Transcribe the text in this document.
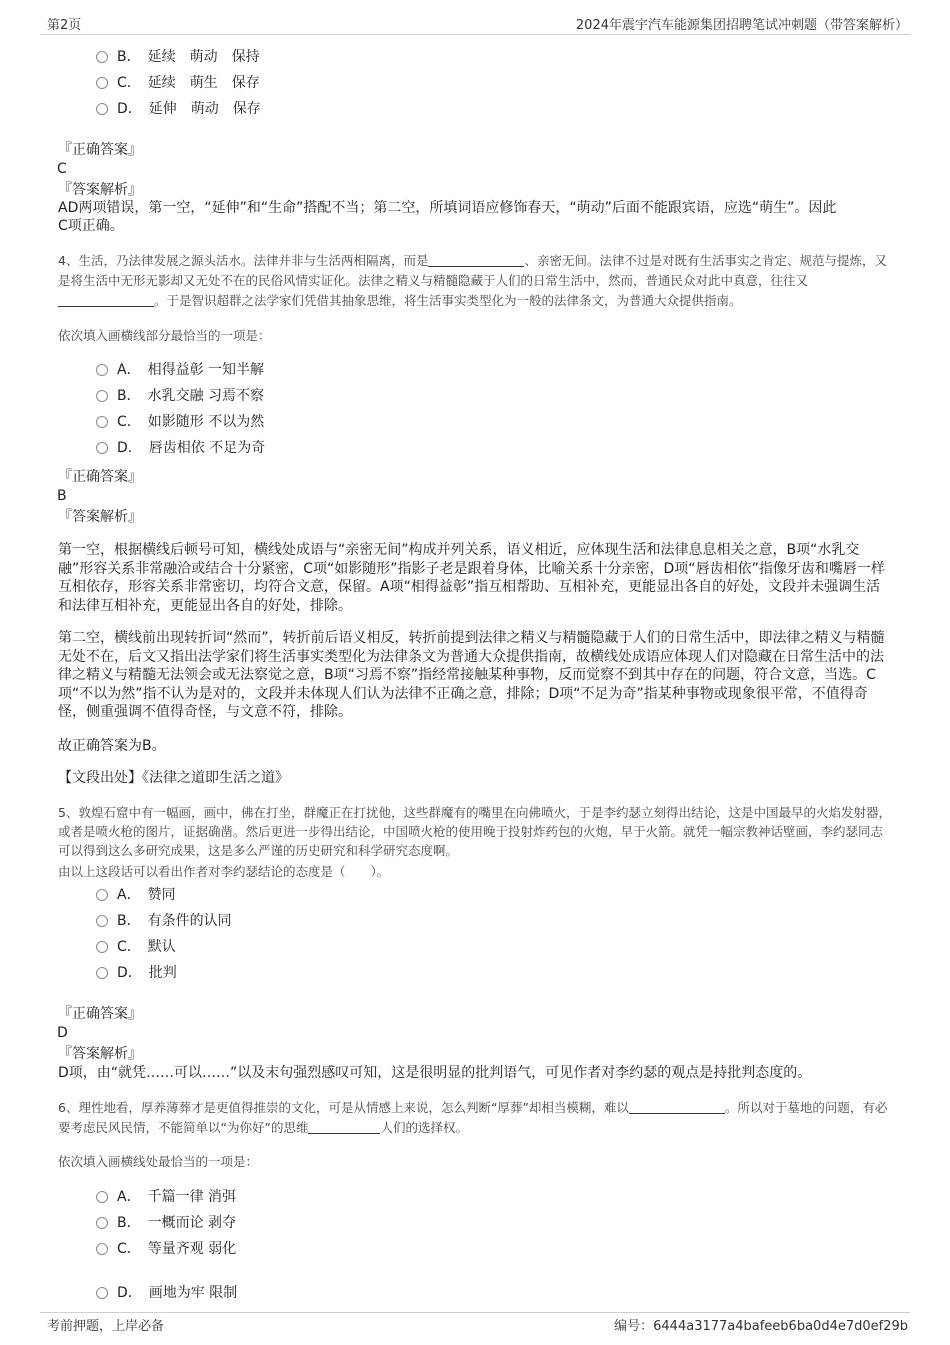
第2页	2024年震宇汽车能源集团招聘笔试冲刺题（带答案解析）
B．　延续　萌动　保持
C．　延续　萌生　保存
D．　延伸　萌动　保存
『正确答案』
C
『答案解析』
AD两项错误，第一空，“延伸”和“生命”搭配不当；第二空，所填词语应修饰春天，“萌动”后面不能跟宾语，应选“萌生”。因此
C项正确。
4、生活，乃法律发展之源头活水。法律并非与生活两相隔离，而是	、亲密无间。法律不过是对既有生活事实之肯定、规范与提炼，又是将生活中无形无影却又无处不在的民俗风情实证化。法律之精义与精髓隐藏于人们的日常生活中，然而，普通民众对此中真意，往往又。于是智识超群之法学家们凭借其抽象思维，将生活事实类型化为一般的法律条文，为普通大众提供指南。
依次填入画横线部分最恰当的一项是：
A．　相得益彰 一知半解
B．　水乳交融 习焉不察
C．　如影随形 不以为然
D．　唇齿相依 不足为奇
『正确答案』
B
『答案解析』
第一空，根据横线后顿号可知，横线处成语与“亲密无间”构成并列关系，语义相近，应体现生活和法律息息相关之意，B项“水乳交融”形容关系非常融洽或结合十分紧密，C项“如影随形”指影子老是跟着身体，比喻关系十分亲密，D项“唇齿相依”指像牙齿和嘴唇一样互相依存，形容关系非常密切，均符合文意，保留。A项“相得益彰”指互相帮助、互相补充，更能显出各自的好处，文段并未强调生活和法律互相补充，更能显出各自的好处，排除。
第二空，横线前出现转折词“然而”，转折前后语义相反，转折前提到法律之精义与精髓隐藏于人们的日常生活中，即法律之精义与精髓无处不在，后文又指出法学家们将生活事实类型化为法律条文为普通大众提供指南，故横线处成语应体现人们对隐藏在日常生活中的法律之精义与精髓无法领会或无法察觉之意，B项“习焉不察”指经常接触某种事物，反而觉察不到其中存在的问题，符合文意，当选。C项“不以为然”指不认为是对的，文段并未体现人们认为法律不正确之意，排除；D项“不足为奇”指某种事物或现象很平常，不值得奇怪，侧重强调不值得奇怪，与文意不符，排除。
故正确答案为B。
【文段出处】《法律之道即生活之道》
5、敦煌石窟中有一幅画，画中，佛在打坐，群魔正在打扰他，这些群魔有的嘴里在向佛喷火，于是李约瑟立刻得出结论，这是中国最早的火焰发射器，或者是喷火枪的图片，证据确凿。然后更进一步得出结论，中国喷火枪的使用晚于投射炸药包的火炮，早于火箭。就凭一幅宗教神话壁画，李约瑟同志可以得到这么多研究成果，这是多么严谨的历史研究和科学研究态度啊。
由以上这段话可以看出作者对李约瑟结论的态度是（　　）。
A．　赞同
B．　有条件的认同
C．　默认
D．　批判
『正确答案』
D
『答案解析』
D项，由“就凭……可以……”以及末句强烈感叹可知，这是很明显的批判语气，可见作者对李约瑟的观点是持批判态度的。
6、理性地看，厚养薄葬才是更值得推崇的文化，可是从情感上来说，怎么判断“厚葬”却相当模糊，难以	。所以对于墓地的问题，有必要考虑民风民情，不能简单以“为你好”的思维	人们的选择权。
依次填入画横线处最恰当的一项是：
A．　千篇一律 消弭
B．　一概而论 剥夺
C．　等量齐观 弱化
D．　画地为牢 限制
考前押题，上岸必备	编号：6444a3177a4bafeeb6ba0d4e7d0ef29b
